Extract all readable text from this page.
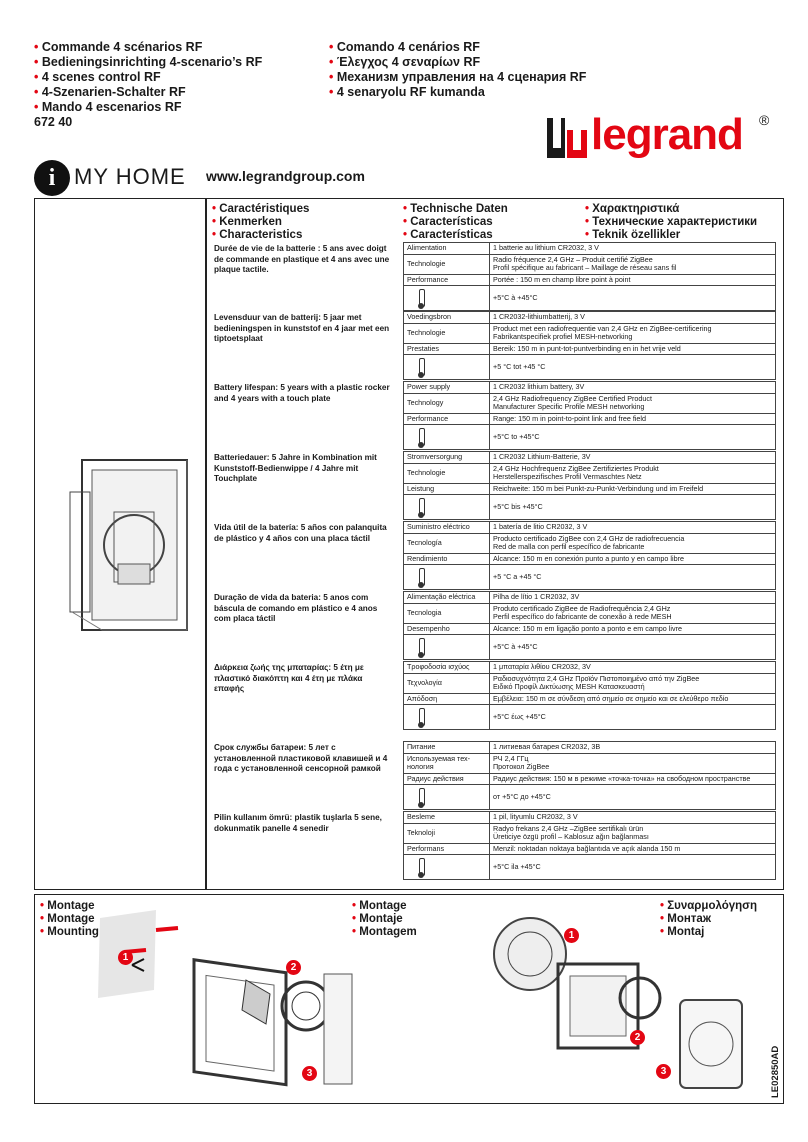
• Commande 4 scénarios RF
• Bedieningsinrichting 4-scenario’s RF
• 4 scenes control RF
• 4-Szenarien-Schalter RF
• Mando 4 escenarios RF
672 40
• Comando 4 cenários RF
• Έλεγχος 4 σεναρίων RF
• Механизм управления на 4 сценария RF
• 4 senaryolu RF kumanda
legrand ®
i MY HOME www.legrandgroup.com
• Caractéristiques
• Kenmerken
• Characteristics
• Technische Daten
• Características
• Características
• Χαρακτηριστικά
• Технические характеристики
• Teknik özellikler
Durée de vie de la batterie : 5 ans avec doigt de commande en plastique et 4 ans avec une plaque tactile.
Alimentation	1 batterie au lithium CR2032, 3 V
Technologie	Radio fréquence 2,4 GHz – Produit certifié ZigBee
Profil spécifique au fabricant – Maillage de réseau sans fil
Performance	Portée : 150 m en champ libre point à point
	+5°C à +45°C
Levensduur van de batterij: 5 jaar met bedieningspen in kunststof en 4 jaar met een tiptoetsplaat
Voedingsbron	1 CR2032-lithiumbatterij, 3 V
Technologie	Product met een radiofrequentie van 2,4 GHz en ZigBee-certificering
Fabrikantspecifiek profiel MESH-networking
Prestaties	Bereik: 150 m in punt-tot-puntverbinding en in het vrije veld
	+5 °C tot +45 °C
Battery lifespan: 5 years with a plastic rocker and 4 years with a touch plate
Power supply	1 CR2032 lithium battery, 3V
Technology	2,4 GHz Radiofrequency ZigBee Certified Product
Manufacturer Specific Profile MESH networking
Performance	Range: 150 m in point-to-point link and free field
	+5°C to +45°C
Batteriedauer: 5 Jahre in Kombination mit Kunststoff-Bedienwippe / 4 Jahre mit Touchplate
Stromversorgung	1 CR2032 Lithium-Batterie, 3V
Technologie	2,4 GHz Hochfrequenz ZigBee Zertifiziertes Produkt
Herstellerspezifisches Profil Vermaschtes Netz
Leistung	Reichweite: 150 m bei Punkt-zu-Punkt-Verbindung und im Freifeld
	+5°C bis +45°C
Vida útil de la batería: 5 años con palanquita de plástico y 4 años con una placa táctil
Suministro eléctrico	1 batería de litio CR2032, 3 V
Tecnología	Producto certificado ZigBee con 2,4 GHz de radiofrecuencia
Red de malla con perfil específico de fabricante
Rendimiento	Alcance: 150 m en conexión punto a punto y en campo libre
	+5 °C a +45 °C
Duração de vida da bateria: 5 anos com báscula de comando em plástico e 4 anos com placa táctil
Alimentação eléctrica	Pilha de lítio 1 CR2032, 3V
Tecnologia	Produto certificado ZigBee de Radiofrequência 2,4 GHz
Perfil específico do fabricante de conexão à rede MESH
Desempenho	Alcance: 150 m em ligação ponto a ponto e em campo livre
	+5°C à +45°C
Διάρκεια ζωής της μπαταρίας: 5 έτη με πλαστικό διακόπτη και 4 έτη με πλάκα επαφής
Τροφοδοσία ισχύος	1 μπαταρία λιθίου CR2032, 3V
Τεχνολογία	Ραδιοσυχνότητα 2,4 GHz Προϊόν Πιστοποιημένο από την ZigBee
Ειδικό Προφίλ Δικτύωσης MESH Κατασκευαστή
Απόδοση	Εμβέλεια: 150 m σε σύνδεση από σημείο σε σημείο και σε ελεύθερο πεδίο
	+5°C έως +45°C
Срок службы батареи: 5 лет с установленной пластиковой клавишей и 4 года с установленной сенсорной рамкой
Питание	1 литиевая батарея CR2032, 3В
Используемая тех-
нология	РЧ 2,4 ГГц
Протокол ZigBee
Радиус действия	Радиус действия: 150 м в режиме «точка-точка» на свободном пространстве
	от +5°C до +45°C
Pilin kullanım ömrü: plastik tuşlarla 5 sene, dokunmatik panelle 4 senedir
Besleme	1 pil, lityumlu CR2032, 3 V
Teknoloji	Radyo frekans 2,4 GHz –ZigBee sertifikalı ürün
Üreticiye özgü profil – Kablosuz ağın bağlanması
Performans	Menzil: noktadan noktaya bağlantıda ve açık alanda 150 m
	+5°C ila +45°C
• Montage
• Montage
• Mounting
• Montage
• Montaje
• Montagem
• Συναρμολόγηση
• Монтаж
• Montaj
1
2
3
1
2
3	LE02850AD
